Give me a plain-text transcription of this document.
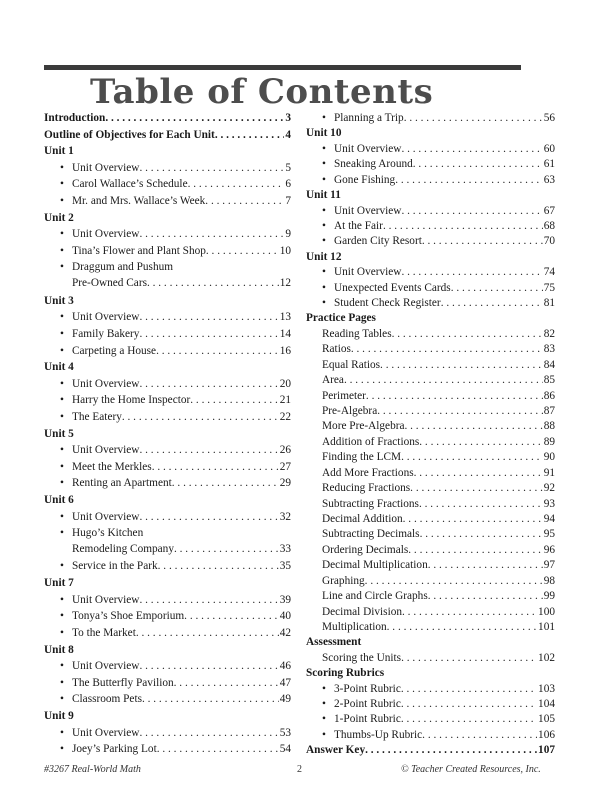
Table of Contents
Introduction . . .	3
Outline of Objectives for Each Unit . . .	4
Unit 1
• Unit Overview . . .	5
• Carol Wallace’s Schedule . . .	6
• Mr. and Mrs. Wallace’s Week . . .	7
Unit 2
• Unit Overview . . .	9
• Tina’s Flower and Plant Shop . . .	10
• Draggum and Pushum
Pre-Owned Cars . . .	12
Unit 3
• Unit Overview . . .	13
• Family Bakery . . .	14
• Carpeting a House . . .	16
Unit 4
• Unit Overview . . .	20
• Harry the Home Inspector . . .	21
• The Eatery . . .	22
Unit 5
• Unit Overview . . .	26
• Meet the Merkles . . .	27
• Renting an Apartment . . .	29
Unit 6
• Unit Overview . . .	32
• Hugo’s Kitchen
Remodeling Company . . .	33
• Service in the Park . . .	35
Unit 7
• Unit Overview . . .	39
• Tonya’s Shoe Emporium . . .	40
• To the Market . . .	42
Unit 8
• Unit Overview . . .	46
• The Butterfly Pavilion . . .	47
• Classroom Pets . . .	49
Unit 9
• Unit Overview . . .	53
• Joey’s Parking Lot . . .	54
• Planning a Trip . . .	56
Unit 10
• Unit Overview . . .	60
• Sneaking Around . . .	61
• Gone Fishing . . .	63
Unit 11
• Unit Overview . . .	67
• At the Fair . . .	68
• Garden City Resort . . .	70
Unit 12
• Unit Overview . . .	74
• Unexpected Events Cards . . .	75
• Student Check Register . . .	81
Practice Pages
Reading Tables . . .	82
Ratios . . .	83
Equal Ratios . . .	84
Area . . .	85
Perimeter . . .	86
Pre-Algebra . . .	87
More Pre-Algebra . . .	88
Addition of Fractions . . .	89
Finding the LCM . . .	90
Add More Fractions . . .	91
Reducing Fractions . . .	92
Subtracting Fractions . . .	93
Decimal Addition . . .	94
Subtracting Decimals . . .	95
Ordering Decimals . . .	96
Decimal Multiplication . . .	97
Graphing . . .	98
Line and Circle Graphs . . .	99
Decimal Division . . .	100
Multiplication . . .	101
Assessment
Scoring the Units . . .	102
Scoring Rubrics
• 3-Point Rubric . . .	103
• 2-Point Rubric . . .	104
• 1-Point Rubric . . .	105
• Thumbs-Up Rubric . . .	106
Answer Key . . .	107
#3267 Real-World Math	2	© Teacher Created Resources, Inc.
